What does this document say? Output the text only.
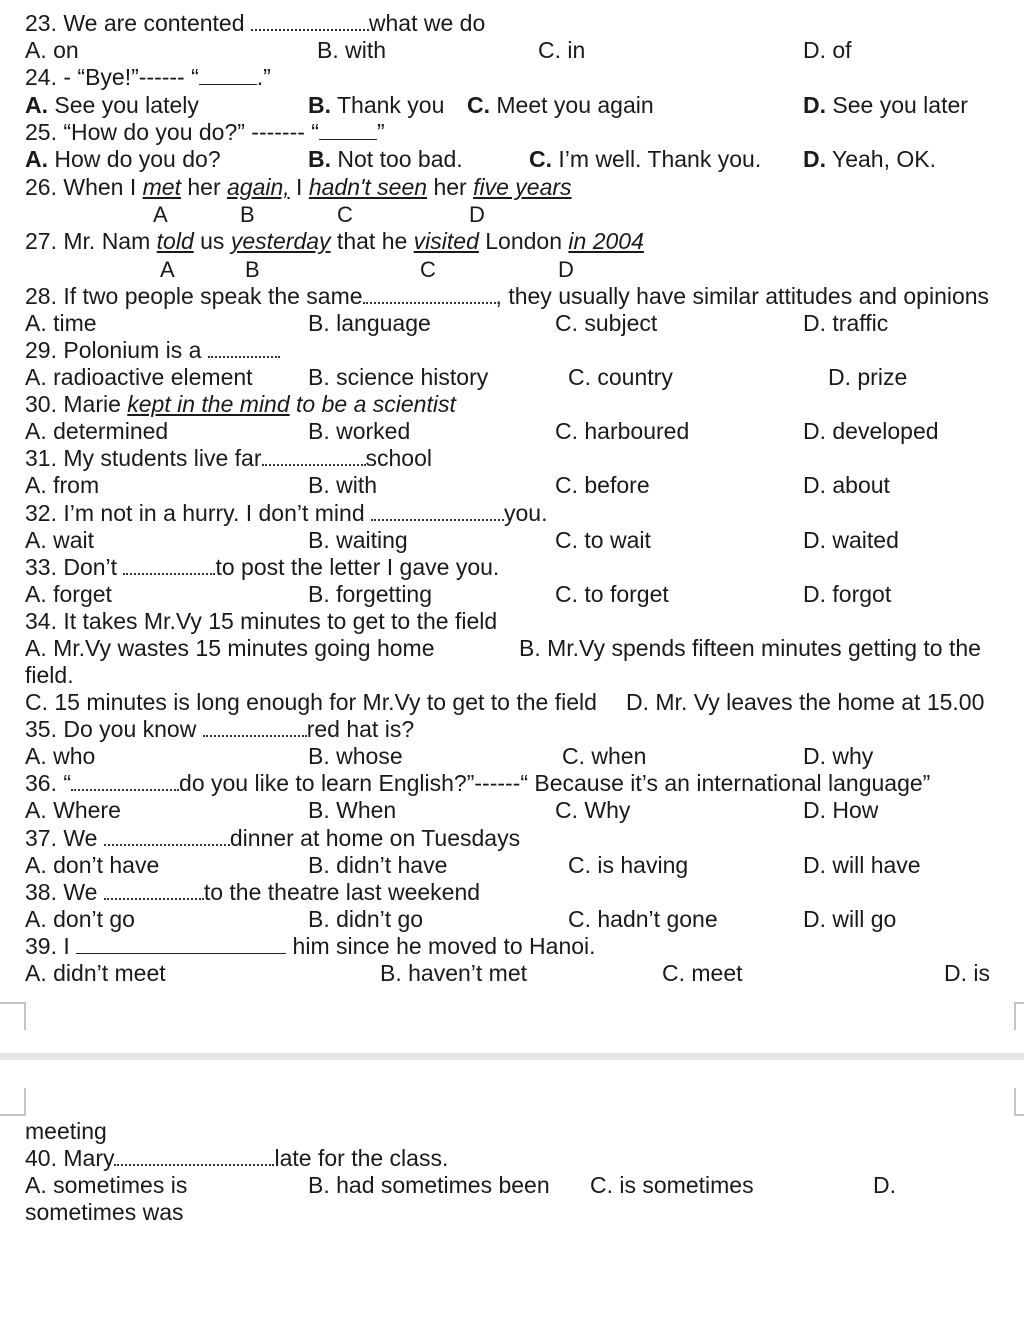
23. We are contented	what we do
A. on	B. with	C. in	D. of
24. - “Bye!”------ “	.”
A. See you lately	B. Thank you C. Meet you again	D. See you later
25. “How do you do?” ------- “	”
A. How do you do?	B. Not too bad.	C. I’m well. Thank you. D. Yeah, OK.
26. When I met her again, I hadn't seen her five years
A	B	C	D
27. Mr. Nam told us yesterday that he visited London in 2004
A	B	C	D
28. If two people speak the same	, they usually have similar attitudes and opinions
A. time	B. language	C. subject	D. traffic
29. Polonium is a
A. radioactive element B. science history	C. country	D. prize
30. Marie kept in the mind to be a scientist
A. determined	B. worked	C. harboured	D. developed
31. My students live far	school
A. from	B. with	C. before	D. about
32. I’m not in a hurry. I don’t mind	you.
A. wait	B. waiting	C. to wait	D. waited
33. Don’t	to post the letter I gave you.
A. forget	B. forgetting	C. to forget	D. forgot
34. It takes Mr.Vy 15 minutes to get to the field
A. Mr.Vy wastes 15 minutes going home	B. Mr.Vy spends fifteen minutes getting to the
field.
C. 15 minutes is long enough for Mr.Vy to get to the field D. Mr. Vy leaves the home at 15.00
35. Do you know	red hat is?
A. who	B. whose	C. when	D. why
36. “	do you like to learn English?”------“ Because it’s an international language”
A. Where	B. When	C. Why	D. How
37. We	dinner at home on Tuesdays
A. don’t have	B. didn’t have	C. is having	D. will have
38. We	to the theatre last weekend
A. don’t go	B. didn’t go	C. hadn’t gone	D. will go
39. I	him since he moved to Hanoi.
A. didn’t meet	B. haven’t met	C. meet	D. is
meeting
40. Mary	late for the class.
A. sometimes is	B. had sometimes been C. is sometimes	D.
sometimes was
